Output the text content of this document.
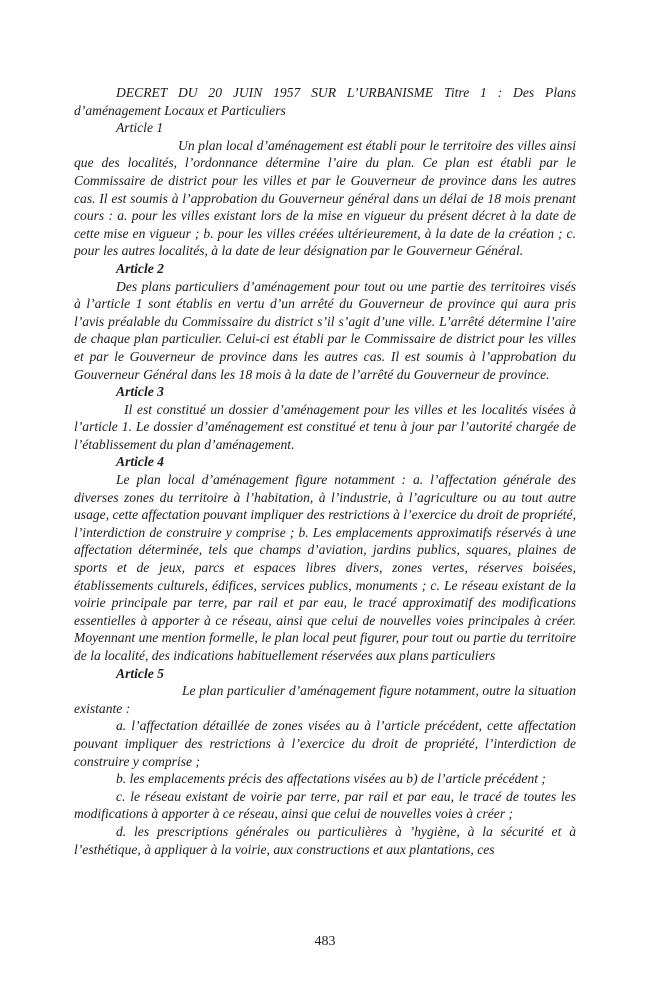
DECRET DU 20 JUIN 1957 SUR L’URBANISME Titre 1 : Des Plans d’aménagement Locaux et Particuliers

Article 1

Un plan local d’aménagement est établi pour le territoire des villes ainsi que des localités, l’ordonnance détermine l’aire du plan. Ce plan est établi par le Commissaire de district pour les villes et par le Gouverneur de province dans les autres cas. Il est soumis à l’approbation du Gouverneur général dans un délai de 18 mois prenant cours : a. pour les villes existant lors de la mise en vigueur du présent décret à la date de cette mise en vigueur ; b. pour les villes créées ultérieurement, à la date de la création ; c. pour les autres localités, à la date de leur désignation par le Gouverneur Général.

Article 2

Des plans particuliers d’aménagement pour tout ou une partie des territoires visés à l’article 1 sont établis en vertu d’un arrêté du Gouverneur de province qui aura pris l’avis préalable du Commissaire du district s’il s’agit d’une ville. L’arrêté détermine l’aire de chaque plan particulier. Celui-ci est établi par le Commissaire de district pour les villes et par le Gouverneur de province dans les autres cas. Il est soumis à l’approbation du Gouverneur Général dans les 18 mois à la date de l’arrêté du Gouverneur de province.

Article 3

Il est constitué un dossier d’aménagement pour les villes et les localités visées à l’article 1. Le dossier d’aménagement est constitué et tenu à jour par l’autorité chargée de l’établissement du plan d’aménagement.

Article 4

Le plan local d’aménagement figure notamment : a. l’affectation générale des diverses zones du territoire à l’habitation, à l’industrie, à l’agriculture ou au tout autre usage, cette affectation pouvant impliquer des restrictions à l’exercice du droit de propriété, l’interdiction de construire y comprise ; b. Les emplacements approximatifs réservés à une affectation déterminée, tels que champs d’aviation, jardins publics, squares, plaines de sports et de jeux, parcs et espaces libres divers, zones vertes, réserves boisées, établissements culturels, édifices, services publics, monuments ; c. Le réseau existant de la voirie principale par terre, par rail et par eau, le tracé approximatif des modifications essentielles à apporter à ce réseau, ainsi que celui de nouvelles voies principales à créer. Moyennant une mention formelle, le plan local peut figurer, pour tout ou partie du territoire de la localité, des indications habituellement réservées aux plans particuliers

Article 5

Le plan particulier d’aménagement figure notamment, outre la situation existante :

a. l’affectation détaillée de zones visées au à l’article précédent, cette affectation pouvant impliquer des restrictions à l’exercice du droit de propriété, l’interdiction de construire y comprise ;

b. les emplacements précis des affectations visées au b) de l’article précédent ;

c. le réseau existant de voirie par terre, par rail et par eau, le tracé de toutes les modifications à apporter à ce réseau, ainsi que celui de nouvelles voies à créer ;

d. les prescriptions générales ou particulières à ’hygiène, à la sécurité et à l’esthétique, à appliquer à la voirie, aux constructions et aux plantations, ces

483
